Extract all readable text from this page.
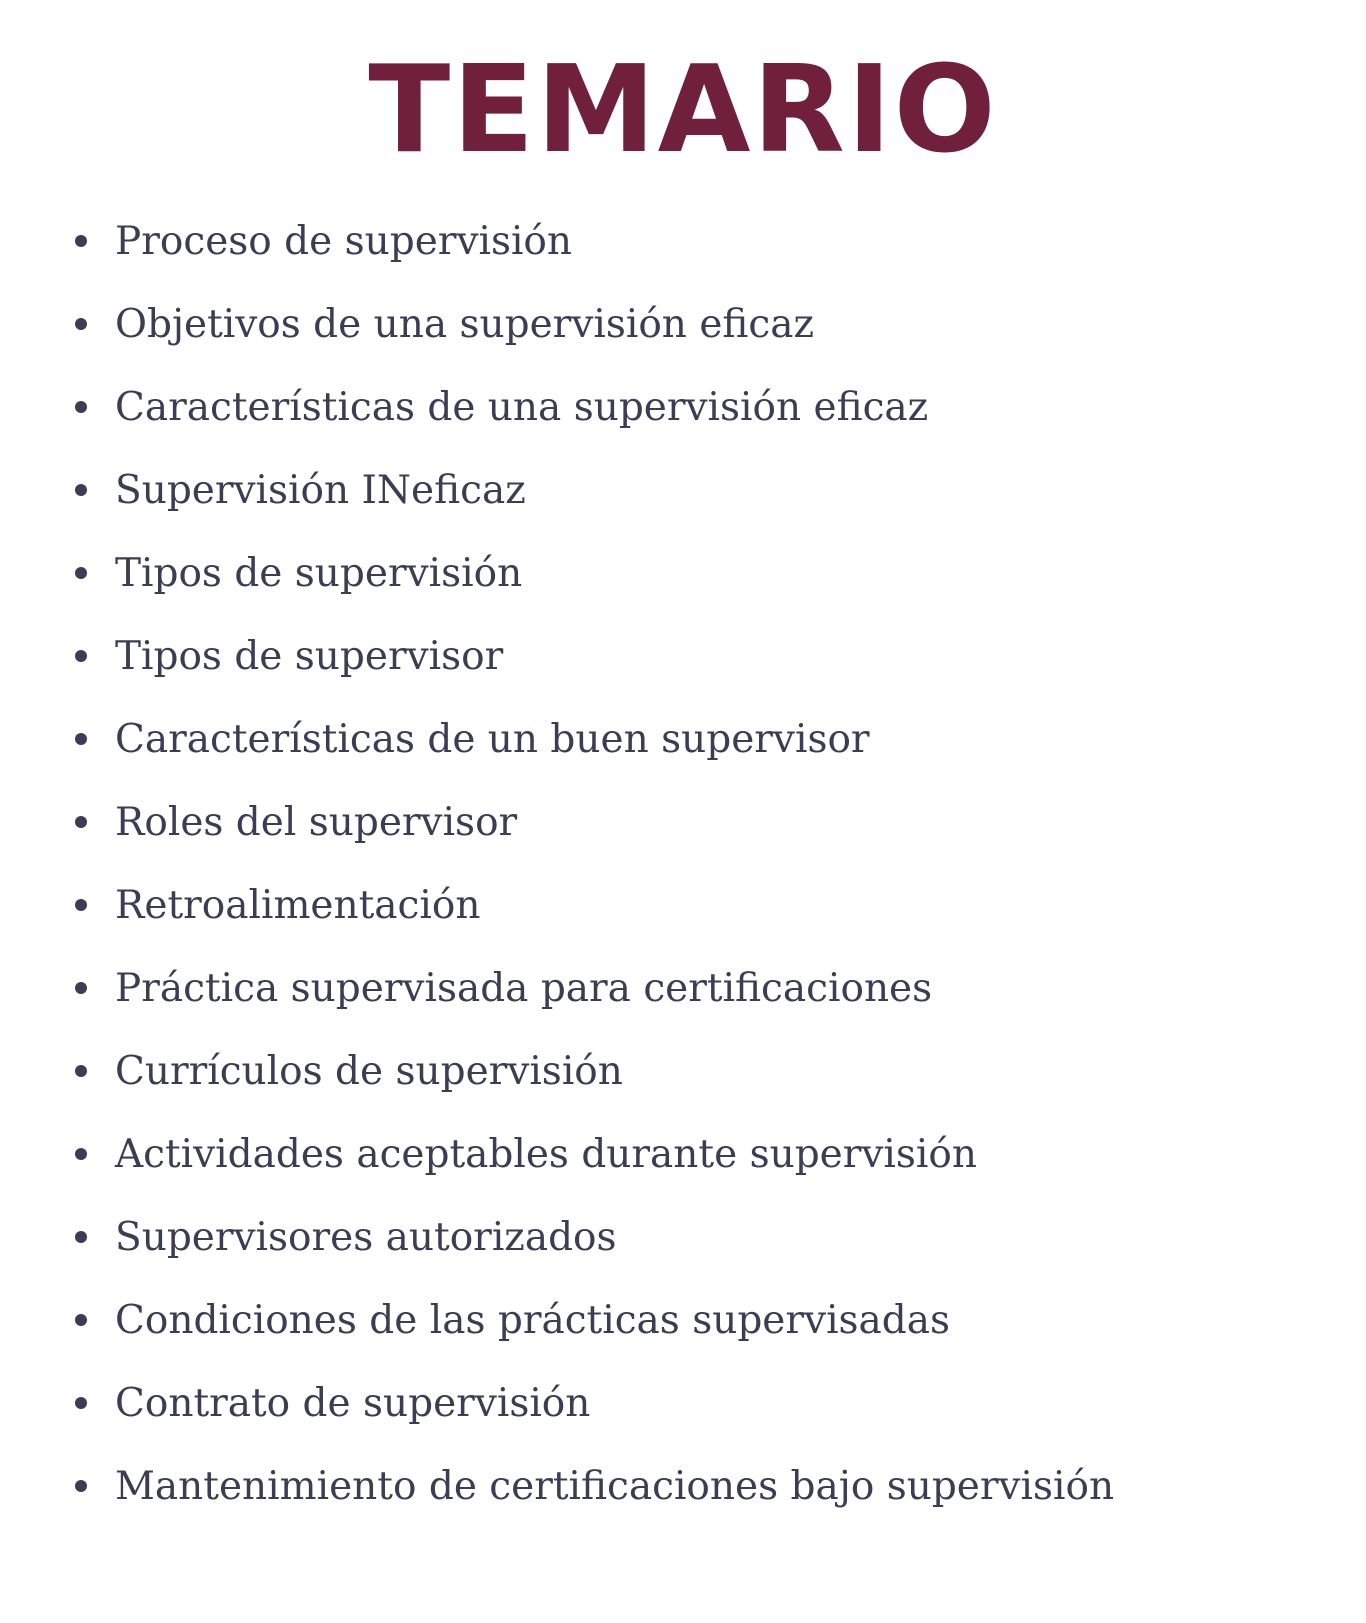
TEMARIO
Proceso de supervisión
Objetivos de una supervisión eficaz
Características de una supervisión eficaz
Supervisión INeficaz
Tipos de supervisión
Tipos de supervisor
Características de un buen supervisor
Roles del supervisor
Retroalimentación
Práctica supervisada para certificaciones
Currículos de supervisión
Actividades aceptables durante supervisión
Supervisores autorizados
Condiciones de las prácticas supervisadas
Contrato de supervisión
Mantenimiento de certificaciones bajo supervisión
